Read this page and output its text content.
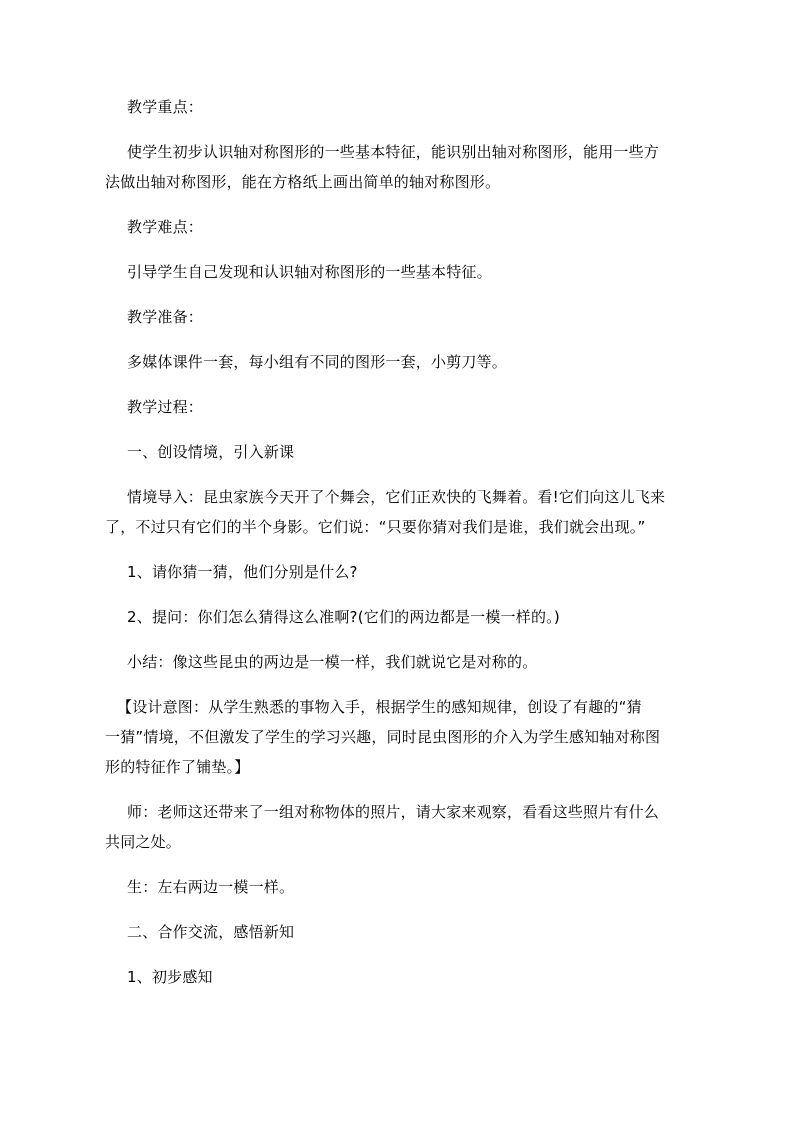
教学重点：

使学生初步认识轴对称图形的一些基本特征，能识别出轴对称图形，能用一些方

法做出轴对称图形，能在方格纸上画出简单的轴对称图形。

教学难点：

引导学生自己发现和认识轴对称图形的一些基本特征。

教学准备：

多媒体课件一套，每小组有不同的图形一套，小剪刀等。

教学过程：

一、创设情境，引入新课

情境导入：昆虫家族今天开了个舞会，它们正欢快的飞舞着。看!它们向这儿飞来

了，不过只有它们的半个身影。它们说：“只要你猜对我们是谁，我们就会出现。”

1、请你猜一猜，他们分别是什么?

2、提问：你们怎么猜得这么准啊?(它们的两边都是一模一样的。)

小结：像这些昆虫的两边是一模一样，我们就说它是对称的。

【设计意图：从学生熟悉的事物入手，根据学生的感知规律，创设了有趣的“猜

一猜”情境，不但激发了学生的学习兴趣，同时昆虫图形的介入为学生感知轴对称图

形的特征作了铺垫。】

师：老师这还带来了一组对称物体的照片，请大家来观察，看看这些照片有什么

共同之处。

生：左右两边一模一样。

二、合作交流，感悟新知

1、初步感知
